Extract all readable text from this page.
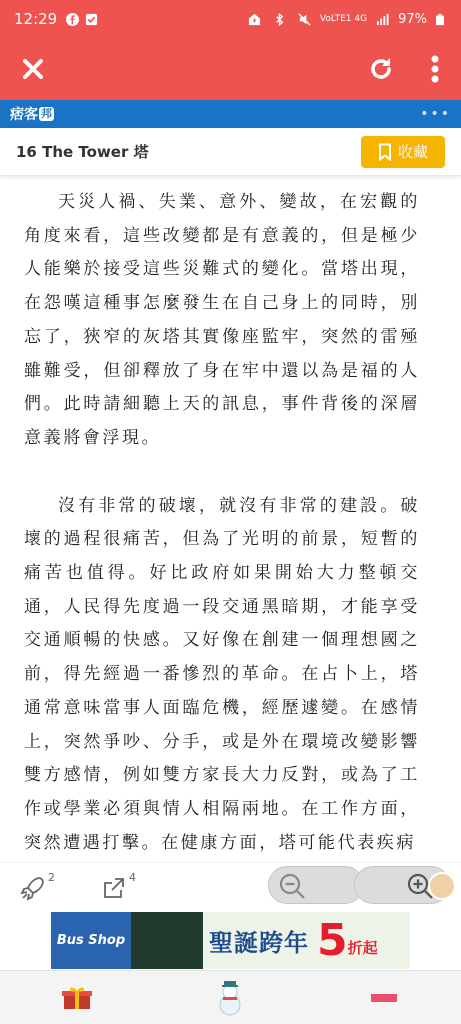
12:29	VoLTE1 4G 97%
痞客 邦	•••
16 The Tower 塔	收藏

天災人禍、失業、意外、變故，在宏觀的角度來看，這些改變都是有意義的，但是極少人能樂於接受這些災難式的變化。當塔出現，在怨嘆這種事怎麼發生在自己身上的同時，別忘了，狹窄的灰塔其實像座監牢，突然的雷殛雖難受，但卻釋放了身在牢中還以為是福的人們。此時請細聽上天的訊息，事件背後的深層意義將會浮現。

沒有非常的破壞，就沒有非常的建設。破壞的過程很痛苦，但為了光明的前景，短暫的痛苦也值得。好比政府如果開始大力整頓交通，人民得先度過一段交通黑暗期，才能享受交通順暢的快感。又好像在創建一個理想國之前，得先經過一番慘烈的革命。在占卜上，塔通常意味當事人面臨危機，經歷遽變。在感情上，突然爭吵、分手，或是外在環境改變影響雙方感情，例如雙方家長大力反對，或為了工作或學業必須與情人相隔兩地。在工作方面，突然遭遇打擊。在健康方面，塔可能代表疾病

2	4
Bus Shop	聖誕跨年 5 折起
